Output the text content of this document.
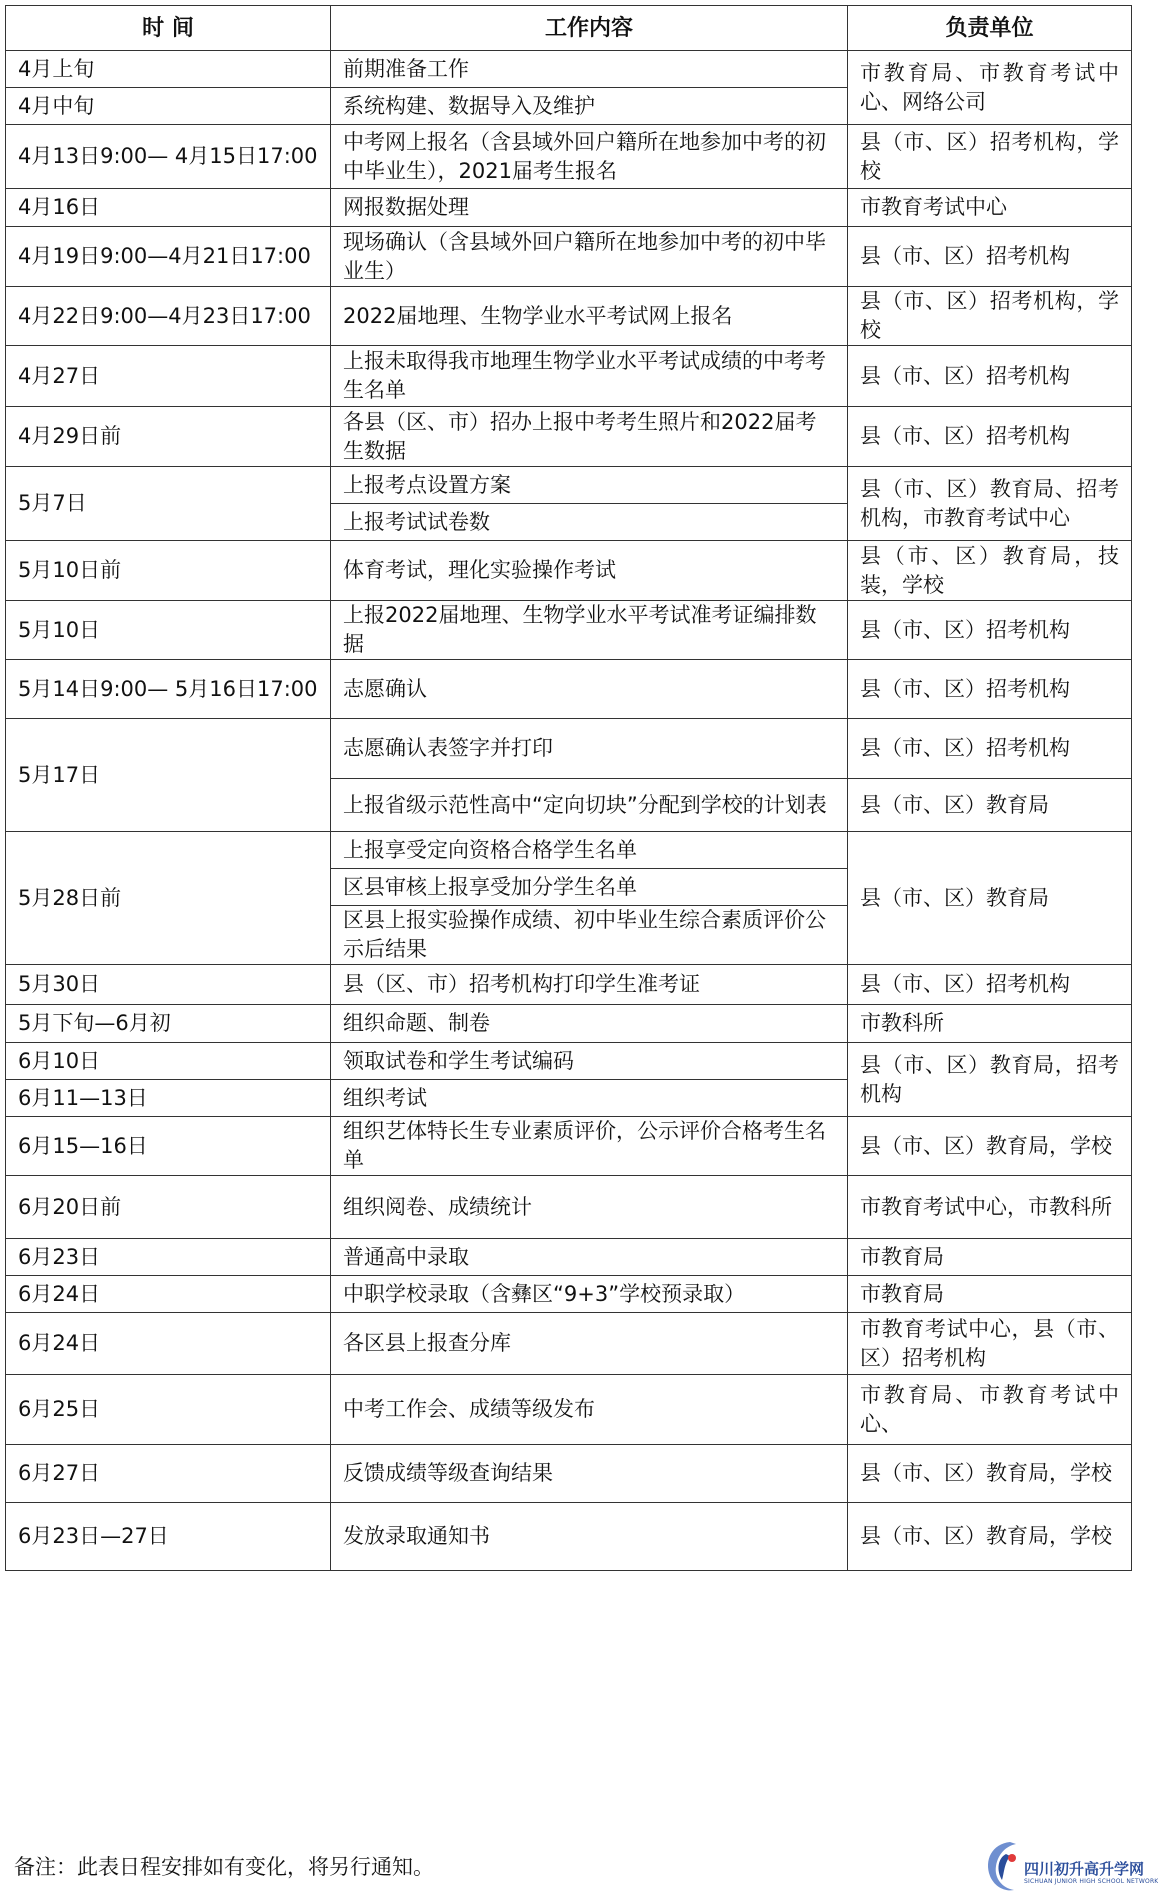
时 间	工作内容	负责单位
4月上旬	前期准备工作	市教育局、市教育考试中心、网络公司
4月中旬	系统构建、数据导入及维护	
4月13日9:00— 4月15日17:00	中考网上报名（含县域外回户籍所在地参加中考的初中毕业生），2021届考生报名	县（市、区）招考机构，学校
4月16日	网报数据处理	市教育考试中心
4月19日9:00—4月21日17:00	现场确认（含县域外回户籍所在地参加中考的初中毕业生）	县（市、区）招考机构
4月22日9:00—4月23日17:00	2022届地理、生物学业水平考试网上报名	县（市、区）招考机构，学校
4月27日	上报未取得我市地理生物学业水平考试成绩的中考考生名单	县（市、区）招考机构
4月29日前	各县（区、市）招办上报中考考生照片和2022届考生数据	县（市、区）招考机构
5月7日	上报考点设置方案	县（市、区）教育局、招考机构，市教育考试中心
	上报考试试卷数	
5月10日前	体育考试，理化实验操作考试	县（市、区）教育局，技装，学校
5月10日	上报2022届地理、生物学业水平考试准考证编排数据	县（市、区）招考机构
5月14日9:00— 5月16日17:00	志愿确认	县（市、区）招考机构
5月17日	志愿确认表签字并打印	县（市、区）招考机构
	上报省级示范性高中“定向切块”分配到学校的计划表	县（市、区）教育局
5月28日前	上报享受定向资格合格学生名单	县（市、区）教育局
	区县审核上报享受加分学生名单	
	区县上报实验操作成绩、初中毕业生综合素质评价公示后结果	
5月30日	县（区、市）招考机构打印学生准考证	县（市、区）招考机构
5月下旬—6月初	组织命题、制卷	市教科所
6月10日	领取试卷和学生考试编码	县（市、区）教育局，招考机构
6月11—13日	组织考试	
6月15—16日	组织艺体特长生专业素质评价，公示评价合格考生名单	县（市、区）教育局，学校
6月20日前	组织阅卷、成绩统计	市教育考试中心，市教科所
6月23日	普通高中录取	市教育局
6月24日	中职学校录取（含彝区“9+3”学校预录取）	市教育局
6月24日	各区县上报查分库	市教育考试中心，县（市、区）招考机构
6月25日	中考工作会、成绩等级发布	市教育局、市教育考试中心、
6月27日	反馈成绩等级查询结果	县（市、区）教育局，学校
6月23日—27日	发放录取通知书	县（市、区）教育局，学校
备注：此表日程安排如有变化，将另行通知。	四川初升高升学网
SICHUAN JUNIOR HIGH SCHOOL NETWORK
